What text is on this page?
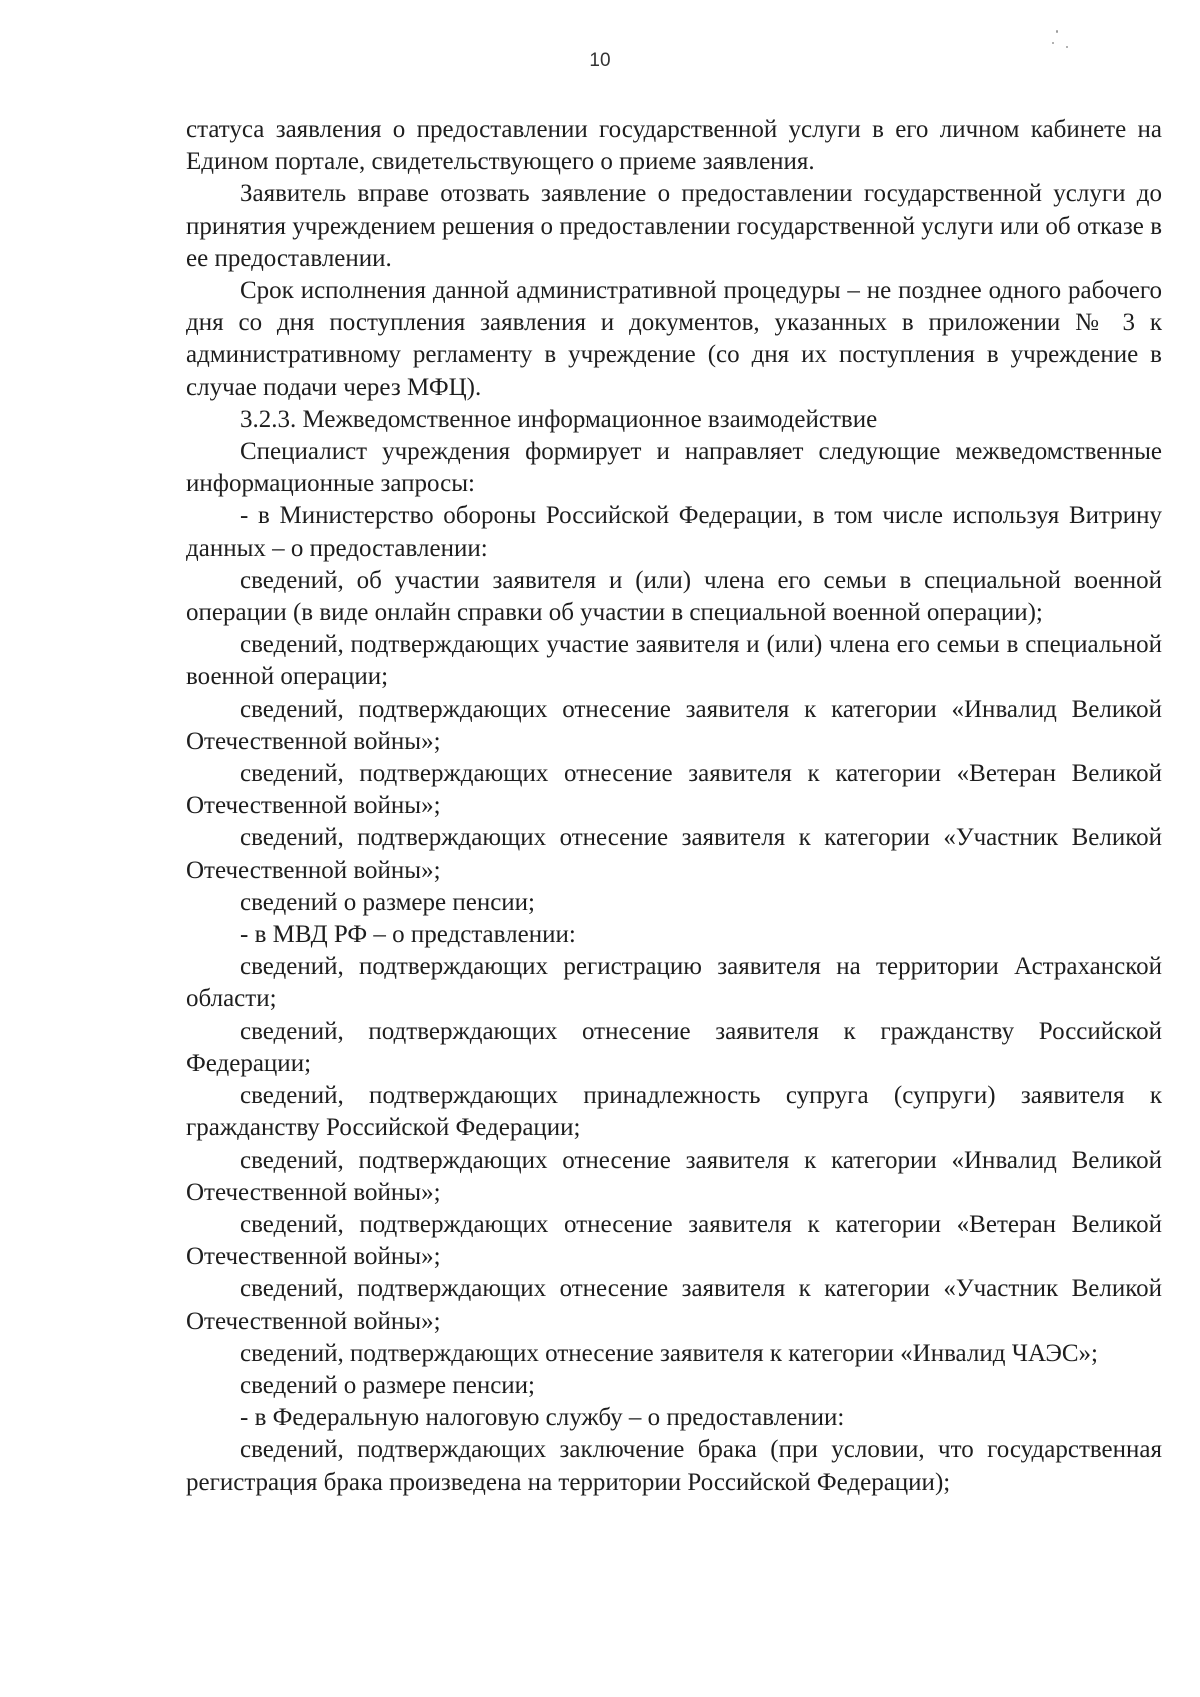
10

статуса заявления о предоставлении государственной услуги в его личном кабинете на Едином портале, свидетельствующего о приеме заявления.

Заявитель вправе отозвать заявление о предоставлении государственной услуги до принятия учреждением решения о предоставлении государственной услуги или об отказе в ее предоставлении.

Срок исполнения данной административной процедуры – не позднее одного рабочего дня со дня поступления заявления и документов, указанных в приложении № 3 к административному регламенту в учреждение (со дня их поступления в учреждение в случае подачи через МФЦ).

3.2.3. Межведомственное информационное взаимодействие

Специалист учреждения формирует и направляет следующие межведомственные информационные запросы:

- в Министерство обороны Российской Федерации, в том числе используя Витрину данных – о предоставлении:

сведений, об участии заявителя и (или) члена его семьи в специальной военной операции (в виде онлайн справки об участии в специальной военной операции);

сведений, подтверждающих участие заявителя и (или) члена его семьи в специальной военной операции;

сведений, подтверждающих отнесение заявителя к категории «Инвалид Великой Отечественной войны»;

сведений, подтверждающих отнесение заявителя к категории «Ветеран Великой Отечественной войны»;

сведений, подтверждающих отнесение заявителя к категории «Участник Великой Отечественной войны»;

сведений о размере пенсии;

- в МВД РФ – о представлении:

сведений, подтверждающих регистрацию заявителя на территории Астраханской области;

сведений, подтверждающих отнесение заявителя к гражданству Российской Федерации;

сведений, подтверждающих принадлежность супруга (супруги) заявителя к гражданству Российской Федерации;

сведений, подтверждающих отнесение заявителя к категории «Инвалид Великой Отечественной войны»;

сведений, подтверждающих отнесение заявителя к категории «Ветеран Великой Отечественной войны»;

сведений, подтверждающих отнесение заявителя к категории «Участник Великой Отечественной войны»;

сведений, подтверждающих отнесение заявителя к категории «Инвалид ЧАЭС»;

сведений о размере пенсии;

- в Федеральную налоговую службу – о предоставлении:

сведений, подтверждающих заключение брака (при условии, что государственная регистрация брака произведена на территории Российской Федерации);
